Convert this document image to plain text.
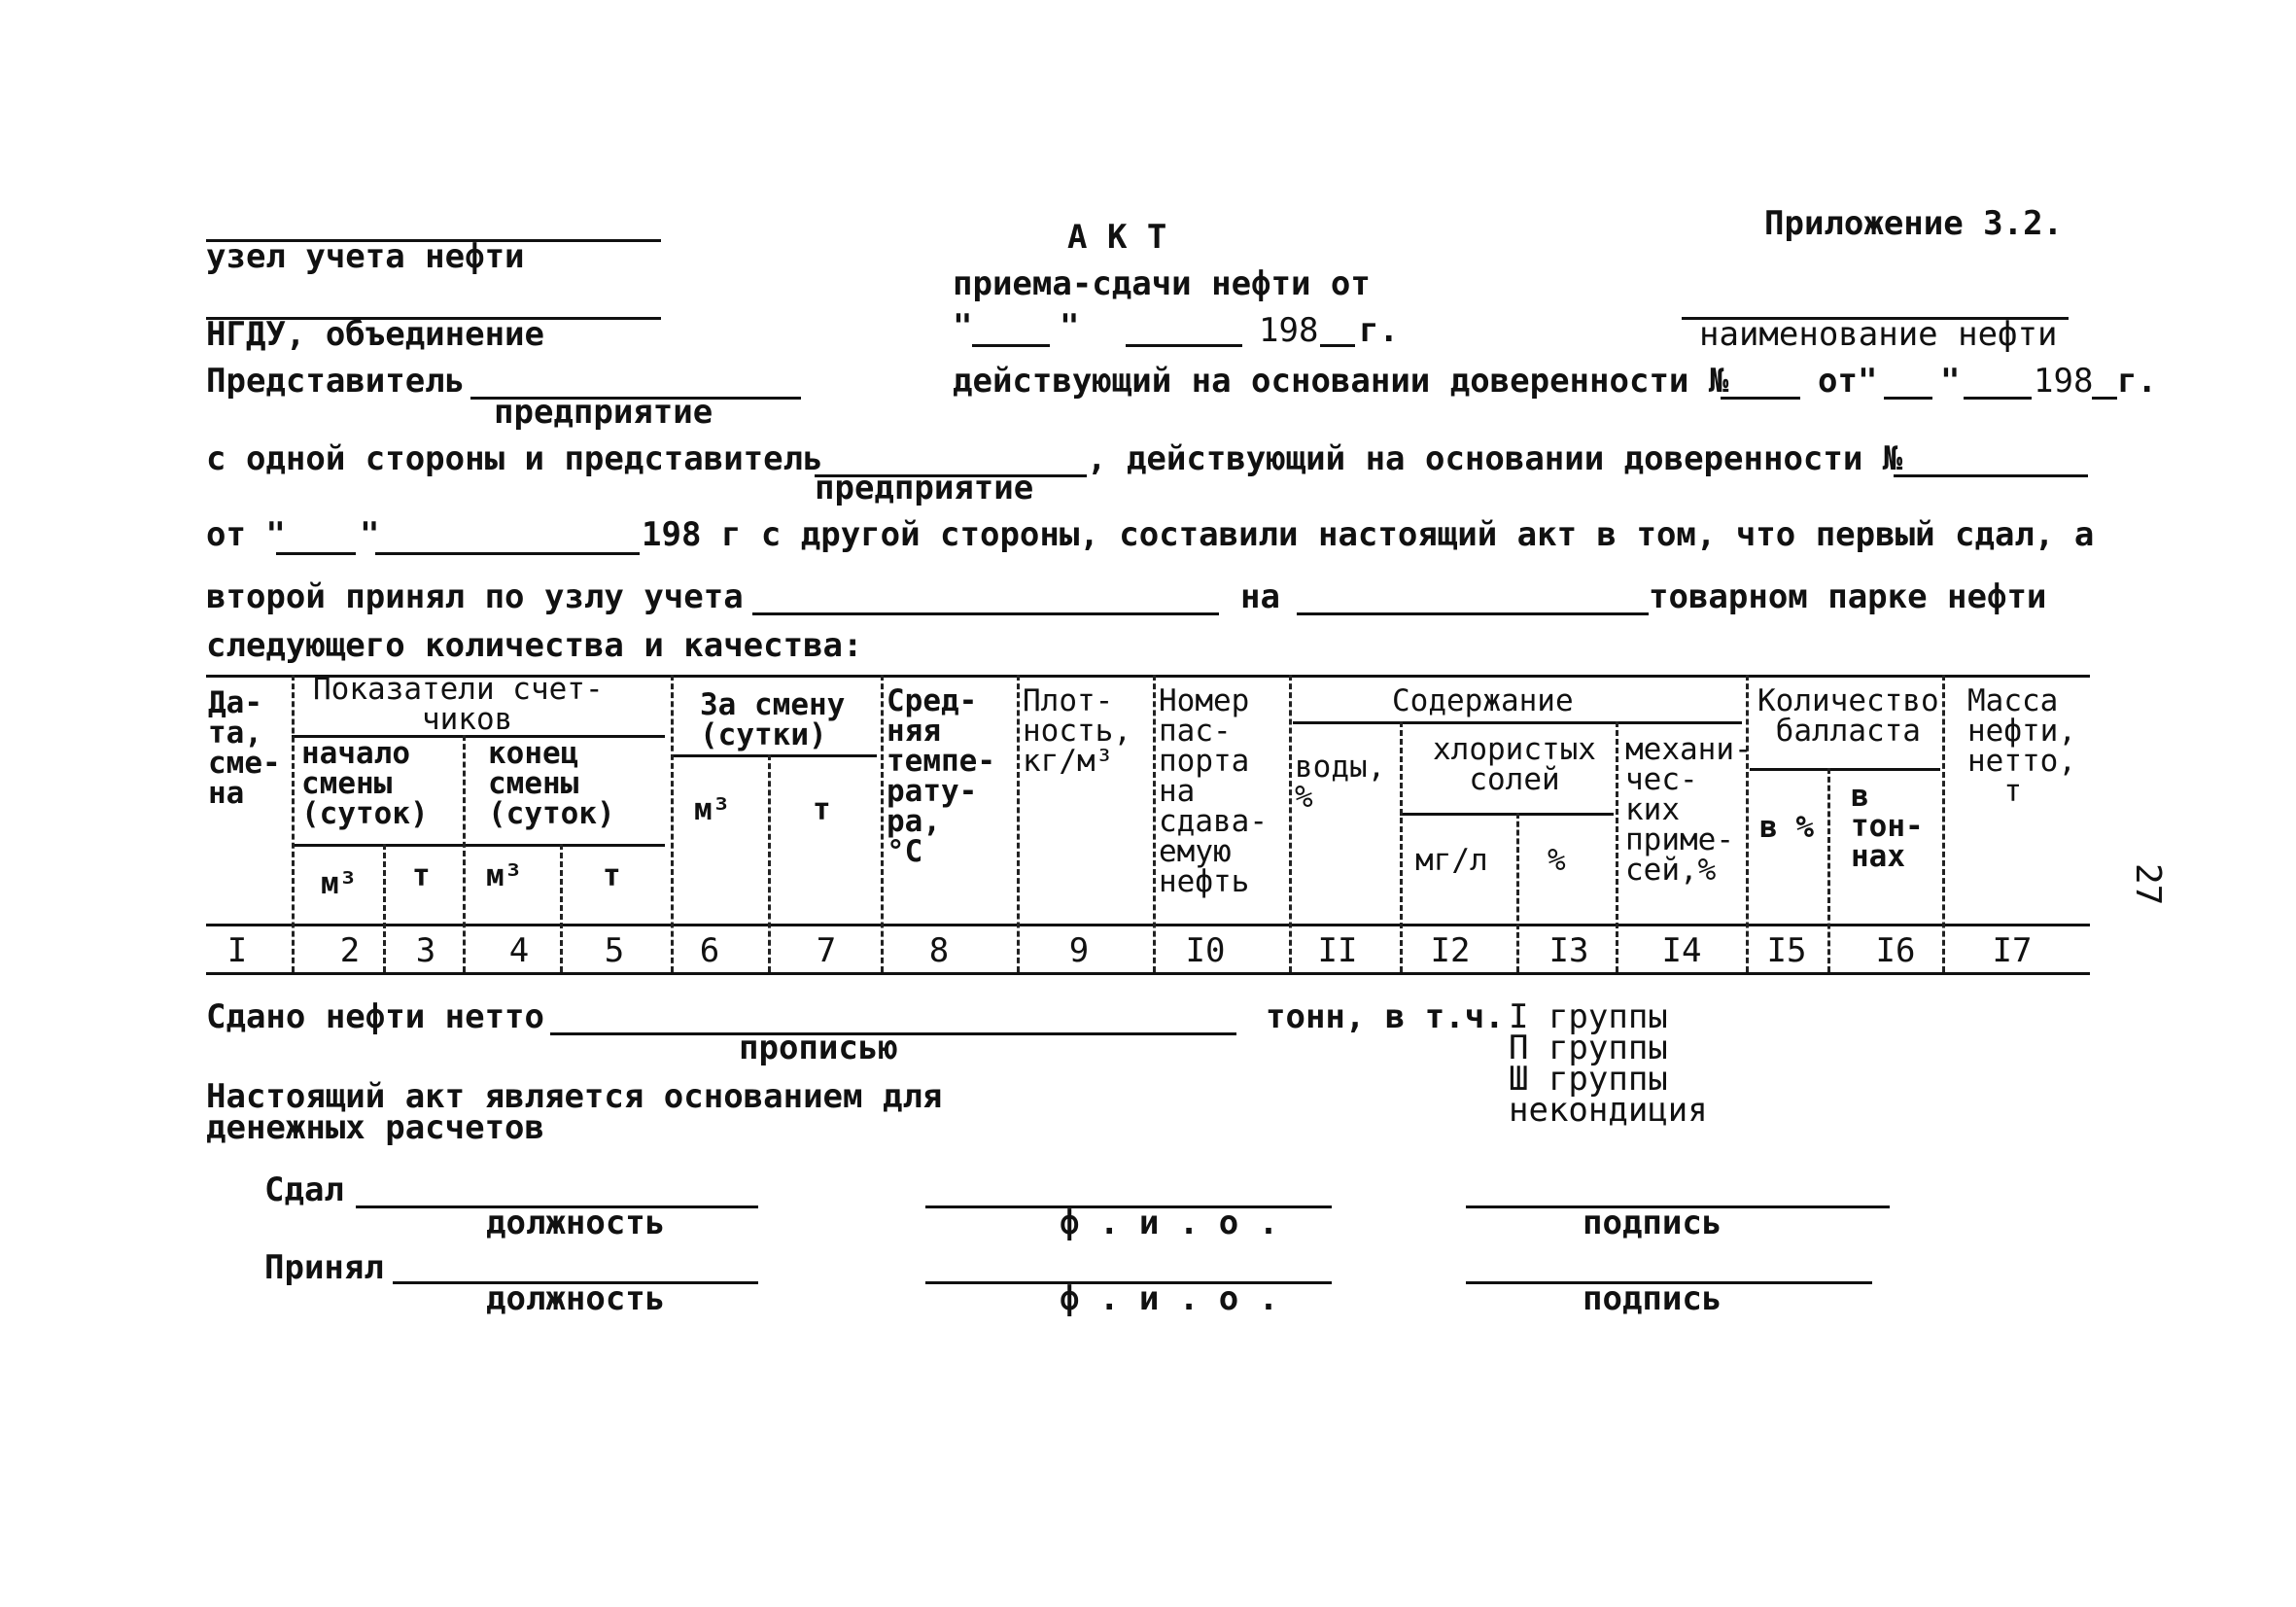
Приложение 3.2.
27
узел учета нефти	А К Т
приема-сдачи нефти от
НГДУ, объединение	"	"	198 г.	наименование нефти
Представитель
предприятие
действующий на основании доверенности №	от" " 198 г.
с одной стороны и представитель
предприятие
, действующий на основании доверенности №
от " "	198 г с другой стороны, составили настоящий акт в том, что первый сдал, а
второй принял по узлу учета	на	товарном парке нефти
следующего количества и качества:
Да-
та,
сме-
на
Показатели счет-
чиков
начало
смены
(суток)
конец
смены
(суток)
м³ т м³	т
За смену
(сутки)
м³	т
Сред-
няя
темпе-
рату-
ра,
°С
Плот-
ность,
кг/м³
Номер
пас-
порта
на
сдава-
емую
нефть
Содержание
воды,
%
хлористых
солей
мг/л %
механи-
чес-
ких
приме-
сей,%
Количество
балласта
в %
в
тон-
нах
Масса
нефти,
нетто,
т
I	2	3	4	5	6	7	8	9	I0	II I2 I3 I4 I5 I6 I7
Сдано нефти нетто
прописью
тонн, в т.ч. I группы
П группы
Ш группы
некондиция
Настоящий акт является основанием для
денежных расчетов
Сдал
должность	ф . и . о .	подпись
Принял
должность	ф . и . о .	подпись
